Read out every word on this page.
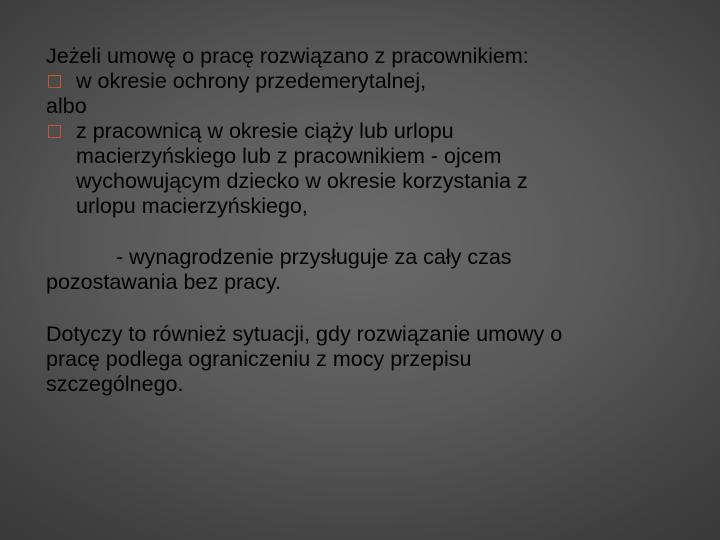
Jeżeli umowę o pracę rozwiązano z pracownikiem:

w okresie ochrony przedemerytalnej,

albo

z pracownicą w okresie ciąży lub urlopu

macierzyńskiego lub z pracownikiem - ojcem

wychowującym dziecko w okresie korzystania z

urlopu macierzyńskiego,

- wynagrodzenie przysługuje za cały czas

pozostawania bez pracy.

Dotyczy to również sytuacji, gdy rozwiązanie umowy o

pracę podlega ograniczeniu z mocy przepisu

szczególnego.
